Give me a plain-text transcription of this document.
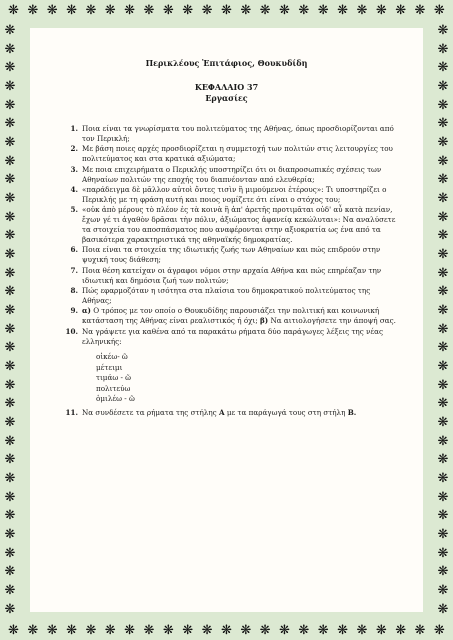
❋ ❋ ❋ ❋ ❋ ❋ ❋ ❋ ❋ ❋ ❋ ❋ ❋ ❋ ❋ ❋ ❋ ❋ ❋ ❋ ❋ ❋ ❋
❋ ❋ ❋ ❋ ❋ ❋ ❋ ❋ ❋ ❋ ❋ ❋ ❋ ❋ ❋ ❋ ❋ ❋ ❋ ❋ ❋ ❋ ❋
❋
❋
❋
❋
❋
❋
❋
❋
❋
❋
❋
❋
❋
❋
❋
❋
❋
❋
❋
❋
❋
❋
❋
❋
❋
❋
❋
❋
❋
❋
❋
❋
❋
❋
❋
❋
❋
❋
❋
❋
❋
❋
❋
❋
❋
❋
❋
❋
❋
❋
❋
❋
❋
❋
❋
❋
❋
❋
❋
❋
❋
❋
❋
❋

Περικλέους Ἐπιτάφιος, Θουκυδίδη

ΚΕΦΑΛΑΙΟ 37

Εργασίες

1. Ποια είναι τα γνωρίσματα του πολιτεύματος της Αθήνας, όπως προσδιορίζονται από τον Περικλή;
2. Με βάση ποιες αρχές προσδιορίζεται η συμμετοχή των πολιτών στις λειτουργίες του πολιτεύματος και στα κρατικά αξιώματα;
3. Με ποια επιχειρήματα ο Περικλής υποστηρίζει ότι οι διαπροσωπικές σχέσεις των Αθηναίων πολιτών της εποχής του διαπνέονταν από ελευθερία;
4. «παράδειγμα δὲ μᾶλλον αὐτοὶ ὄντες τισὶν ἢ μιμούμενοι ἑτέρους»: Τι υποστηρίζει ο Περικλής με τη φράση αυτή και ποιος νομίζετε ότι είναι ο στόχος του;
5. «οὐκ ἀπὸ μέρους τὸ πλέον ἐς τὰ κοινὰ ἢ ἀπ' ἀρετῆς προτιμᾶται οὐδ' αὖ κατὰ πενίαν, ἔχων γέ τι ἀγαθὸν δρᾶσαι τὴν πόλιν, ἀξιώματος ἀφανείᾳ κεκώλυται»: Να αναλύσετε τα στοιχεία του αποσπάσματος που αναφέρονται στην αξιοκρατία ως ένα από τα βασικότερα χαρακτηριστικά της αθηναϊκής δημοκρατίας.
6. Ποια είναι τα στοιχεία της ιδιωτικής ζωής των Αθηναίων και πώς επιδρούν στην ψυχική τους διάθεση;
7. Ποια θέση κατείχαν οι άγραφοι νόμοι στην αρχαία Αθήνα και πώς επηρέαζαν την ιδιωτική και δημόσια ζωή των πολιτών;
8. Πώς εφαρμοζόταν η ισότητα στα πλαίσια του δημοκρατικού πολιτεύματος της Αθήνας;
9. α) Ο τρόπος με τον οποίο ο Θουκυδίδης παρουσιάζει την πολιτική και κοινωνική κατάσταση της Αθήνας είναι ρεαλιστικός ή όχι; β) Να αιτιολογήσετε την άποψή σας.
10. Να γράψετε για καθένα από τα παρακάτω ρήματα δύο παράγωγες λέξεις της νέας ελληνικής:
οἰκέω- ῶ
μέτειμι
τιμάω - ῶ
πολιτεύω
ὁμιλέω - ῶ
11. Να συνδέσετε τα ρήματα της στήλης Α με τα παράγωγά τους στη στήλη Β.
